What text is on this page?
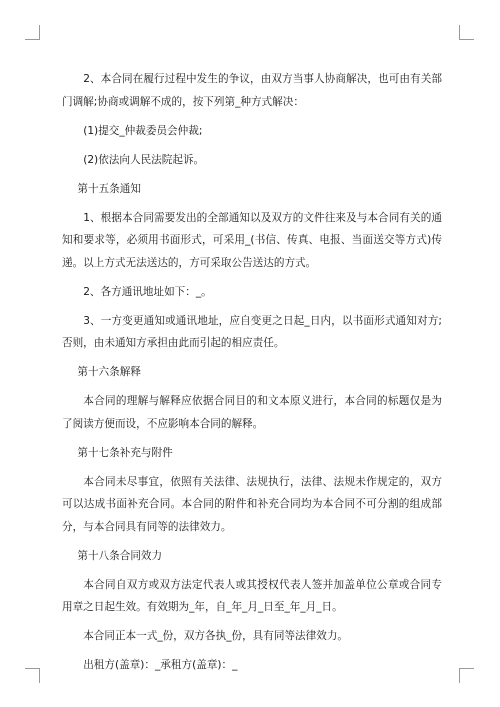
2、本合同在履行过程中发生的争议，由双方当事人协商解决，也可由有关部门调解;协商或调解不成的，按下列第_种方式解决：

(1)提交_仲裁委员会仲裁;

(2)依法向人民法院起诉。

第十五条通知

1、根据本合同需要发出的全部通知以及双方的文件往来及与本合同有关的通知和要求等，必须用书面形式，可采用_(书信、传真、电报、当面送交等方式)传递。以上方式无法送达的，方可采取公告送达的方式。

2、各方通讯地址如下：_。

3、一方变更通知或通讯地址，应自变更之日起_日内，以书面形式通知对方;否则，由未通知方承担由此而引起的相应责任。

第十六条解释

本合同的理解与解释应依据合同目的和文本原义进行，本合同的标题仅是为了阅读方便而设，不应影响本合同的解释。

第十七条补充与附件

本合同未尽事宜，依照有关法律、法规执行，法律、法规未作规定的，双方可以达成书面补充合同。本合同的附件和补充合同均为本合同不可分割的组成部分，与本合同具有同等的法律效力。

第十八条合同效力

本合同自双方或双方法定代表人或其授权代表人签并加盖单位公章或合同专用章之日起生效。有效期为_年，自_年_月_日至_年_月_日。

本合同正本一式_份，双方各执_份，具有同等法律效力。

出租方(盖章)：_承租方(盖章)：_
